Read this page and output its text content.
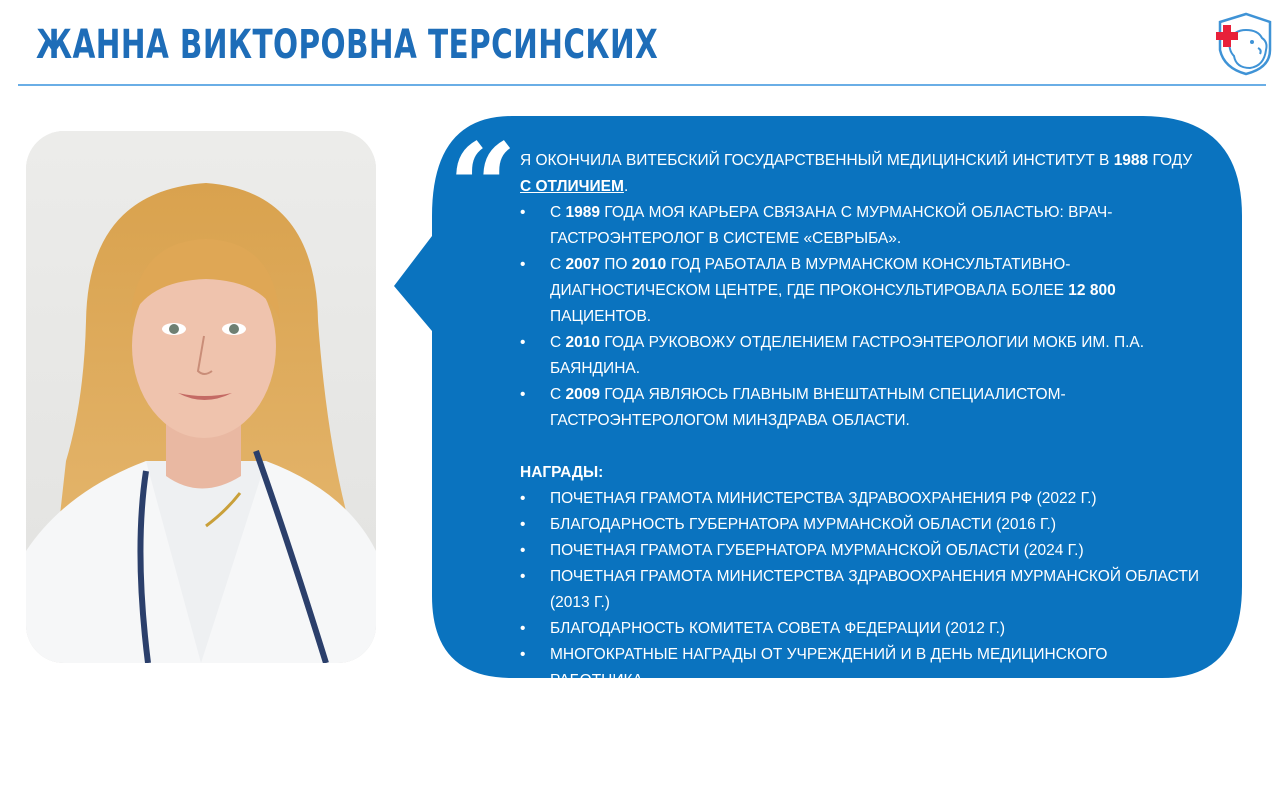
ЖАННА ВИКТОРОВНА ТЕРСИНСКИХ
“ Я ОКОНЧИЛА ВИТЕБСКИЙ ГОСУДАРСТВЕННЫЙ МЕДИЦИНСКИЙ ИНСТИТУТ В 1988 ГОДУ С ОТЛИЧИЕМ.

• С 1989 ГОДА МОЯ КАРЬЕРА СВЯЗАНА С МУРМАНСКОЙ ОБЛАСТЬЮ: ВРАЧ-ГАСТРОЭНТЕРОЛОГ В СИСТЕМЕ «СЕВРЫБА».
• С 2007 ПО 2010 ГОД РАБОТАЛА В МУРМАНСКОМ КОНСУЛЬТАТИВНО-ДИАГНОСТИЧЕСКОМ ЦЕНТРЕ, ГДЕ ПРОКОНСУЛЬТИРОВАЛА БОЛЕЕ 12 800 ПАЦИЕНТОВ.
• С 2010 ГОДА РУКОВОЖУ ОТДЕЛЕНИЕМ ГАСТРОЭНТЕРОЛОГИИ МОКБ ИМ. П.А. БАЯНДИНА.
• С 2009 ГОДА ЯВЛЯЮСЬ ГЛАВНЫМ ВНЕШТАТНЫМ СПЕЦИАЛИСТОМ-ГАСТРОЭНТЕРОЛОГОМ МИНЗДРАВА ОБЛАСТИ.

НАГРАДЫ:

• ПОЧЕТНАЯ ГРАМОТА МИНИСТЕРСТВА ЗДРАВООХРАНЕНИЯ РФ (2022 Г.)
• БЛАГОДАРНОСТЬ ГУБЕРНАТОРА МУРМАНСКОЙ ОБЛАСТИ (2016 Г.)
• ПОЧЕТНАЯ ГРАМОТА ГУБЕРНАТОРА МУРМАНСКОЙ ОБЛАСТИ (2024 Г.)
• ПОЧЕТНАЯ ГРАМОТА МИНИСТЕРСТВА ЗДРАВООХРАНЕНИЯ МУРМАНСКОЙ ОБЛАСТИ (2013 Г.)
• БЛАГОДАРНОСТЬ КОМИТЕТА СОВЕТА ФЕДЕРАЦИИ (2012 Г.)
• МНОГОКРАТНЫЕ НАГРАДЫ ОТ УЧРЕЖДЕНИЙ И В ДЕНЬ МЕДИЦИНСКОГО РАБОТНИКА.
• МЕДАЛЬ Н.И. ПИРОГОВА (2008 Г.)

МОЙ СТАЖ ПО СПЕЦИАЛЬНОСТИ — 35 ЛЕТ, ОБЩИЙ СТАЖ В ЗДРАВООХРАНЕНИИ РЕГИОНА — 36 ЛЕТ.
